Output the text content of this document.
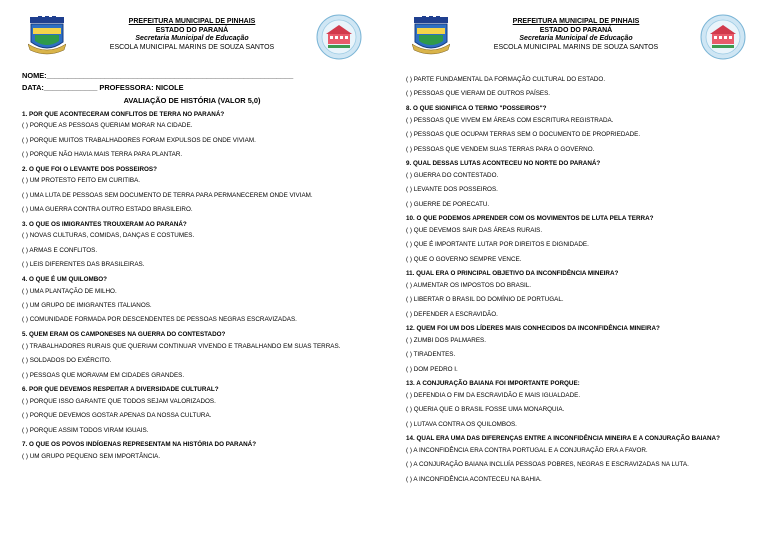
PREFEITURA MUNICIPAL DE PINHAIS
ESTADO DO PARANÁ
Secretaria Municipal de Educação
ESCOLA MUNICIPAL MARINS DE SOUZA SANTOS
NOME:____________________________________________________________
DATA:_____________ PROFESSORA: NICOLE
AVALIAÇÃO DE HISTÓRIA (VALOR 5,0)
1. POR QUE ACONTECERAM CONFLITOS DE TERRA NO PARANÁ?
( ) PORQUE AS PESSOAS QUERIAM MORAR NA CIDADE.
( ) PORQUE MUITOS TRABALHADORES FORAM EXPULSOS DE ONDE VIVIAM.
( ) PORQUE NÃO HAVIA MAIS TERRA PARA PLANTAR.
2. O QUE FOI O LEVANTE DOS POSSEIROS?
( ) UM PROTESTO FEITO EM CURITIBA.
( ) UMA LUTA DE PESSOAS SEM DOCUMENTO DE TERRA PARA PERMANECEREM ONDE VIVIAM.
( ) UMA GUERRA CONTRA OUTRO ESTADO BRASILEIRO.
3. O QUE OS IMIGRANTES TROUXERAM AO PARANÁ?
( ) NOVAS CULTURAS, COMIDAS, DANÇAS E COSTUMES.
( ) ARMAS E CONFLITOS.
( ) LEIS DIFERENTES DAS BRASILEIRAS.
4. O QUE É UM QUILOMBO?
( ) UMA PLANTAÇÃO DE MILHO.
( ) UM GRUPO DE IMIGRANTES ITALIANOS.
( ) COMUNIDADE FORMADA POR DESCENDENTES DE PESSOAS NEGRAS ESCRAVIZADAS.
5. QUEM ERAM OS CAMPONESES NA GUERRA DO CONTESTADO?
( ) TRABALHADORES RURAIS QUE QUERIAM CONTINUAR VIVENDO E TRABALHANDO EM SUAS TERRAS.
( ) SOLDADOS DO EXÉRCITO.
( ) PESSOAS QUE MORAVAM EM CIDADES GRANDES.
6. POR QUE DEVEMOS RESPEITAR A DIVERSIDADE CULTURAL?
( ) PORQUE ISSO GARANTE QUE TODOS SEJAM VALORIZADOS.
( ) PORQUE DEVEMOS GOSTAR APENAS DA NOSSA CULTURA.
( ) PORQUE ASSIM TODOS VIRAM IGUAIS.
7. O QUE OS POVOS INDÍGENAS REPRESENTAM NA HISTÓRIA DO PARANÁ?
( ) UM GRUPO PEQUENO SEM IMPORTÂNCIA.
PREFEITURA MUNICIPAL DE PINHAIS
ESTADO DO PARANÁ
Secretaria Municipal de Educação
ESCOLA MUNICIPAL MARINS DE SOUZA SANTOS
( ) PARTE FUNDAMENTAL DA FORMAÇÃO CULTURAL DO ESTADO.
( ) PESSOAS QUE VIERAM DE OUTROS PAÍSES.
8. O QUE SIGNIFICA O TERMO "POSSEIROS"?
( ) PESSOAS QUE VIVEM EM ÁREAS COM ESCRITURA REGISTRADA.
( ) PESSOAS QUE OCUPAM TERRAS SEM O DOCUMENTO DE PROPRIEDADE.
( ) PESSOAS QUE VENDEM SUAS TERRAS PARA O GOVERNO.
9. QUAL DESSAS LUTAS ACONTECEU NO NORTE DO PARANÁ?
( ) GUERRA DO CONTESTADO.
( ) LEVANTE DOS POSSEIROS.
( ) GUERRE DE PORECATU.
10. O QUE PODEMOS APRENDER COM OS MOVIMENTOS DE LUTA PELA TERRA?
( ) QUE DEVEMOS SAIR DAS ÁREAS RURAIS.
( ) QUE É IMPORTANTE LUTAR POR DIREITOS E DIGNIDADE.
( ) QUE O GOVERNO SEMPRE VENCE.
11. QUAL ERA O PRINCIPAL OBJETIVO DA INCONFIDÊNCIA MINEIRA?
( ) AUMENTAR OS IMPOSTOS DO BRASIL.
( ) LIBERTAR O BRASIL DO DOMÍNIO DE PORTUGAL.
( ) DEFENDER A ESCRAVIDÃO.
12. QUEM FOI UM DOS LÍDERES MAIS CONHECIDOS DA INCONFIDÊNCIA MINEIRA?
( ) ZUMBI DOS PALMARES.
( ) TIRADENTES.
( ) DOM PEDRO I.
13. A CONJURAÇÃO BAIANA FOI IMPORTANTE PORQUE:
( ) DEFENDIA O FIM DA ESCRAVIDÃO E MAIS IGUALDADE.
( ) QUERIA QUE O BRASIL FOSSE UMA MONARQUIA.
( ) LUTAVA CONTRA OS QUILOMBOS.
14. QUAL ERA UMA DAS DIFERENÇAS ENTRE A INCONFIDÊNCIA MINEIRA E A CONJURAÇÃO BAIANA?
( ) A INCONFIDÊNCIA ERA CONTRA PORTUGAL E A CONJURAÇÃO ERA A FAVOR.
( ) A CONJURAÇÃO BAIANA INCLUÍA PESSOAS POBRES, NEGRAS E ESCRAVIZADAS NA LUTA.
( ) A INCONFIDÊNCIA ACONTECEU NA BAHIA.
